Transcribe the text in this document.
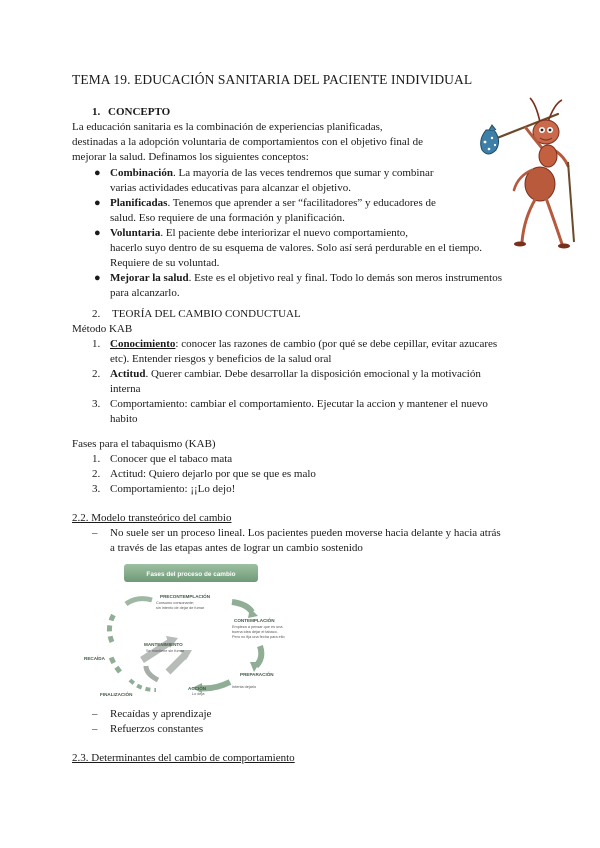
TEMA 19. EDUCACIÓN SANITARIA DEL PACIENTE INDIVIDUAL
1. CONCEPTO
La educación sanitaria es la combinación de experiencias planificadas,
destinadas a la adopción voluntaria de comportamientos con el objetivo final de
mejorar la salud. Definamos los siguientes conceptos:
● Combinación. La mayoría de las veces tendremos que sumar y combinar
varias actividades educativas para alcanzar el objetivo.
● Planificadas. Tenemos que aprender a ser “facilitadores” y educadores de
salud. Eso requiere de una formación y planificación.
● Voluntaria. El paciente debe interiorizar el nuevo comportamiento,
hacerlo suyo dentro de su esquema de valores. Solo así será perdurable en el tiempo.
Requiere de su voluntad.
● Mejorar la salud. Este es el objetivo real y final. Todo lo demás son meros instrumentos
para alcanzarlo.
2. TEORÍA DEL CAMBIO CONDUCTUAL
Método KAB
1. Conocimiento: conocer las razones de cambio (por qué se debe cepillar, evitar azucares
etc). Entender riesgos y beneficios de la salud oral
2. Actitud. Querer cambiar. Debe desarrollar la disposición emocional y la motivación
interna
3. Comportamiento: cambiar el comportamiento. Ejecutar la accion y mantener el nuevo
habito
Fases para el tabaquismo (KAB)
1. Conocer que el tabaco mata
2. Actitud: Quiero dejarlo por que se que es malo
3. Comportamiento: ¡¡Lo dejo!
2.2. Modelo transteórico del cambio
– No suele ser un proceso lineal. Los pacientes pueden moverse hacia delante y hacia atrás
a través de las etapas antes de lograr un cambio sostenido
Fases del proceso de cambio
PRECONTEMPLACIÓN
Consumo consonante;
sin intento de dejar de fumar
CONTEMPLACIÓN
Empieza a pensar que es una
buena idea dejar el tabaco.
Pero no fija una fecha para ello
PREPARACIÓN
Intenta dejarlo
ACCIÓN
Lo deja
MANTENIMIENTO
Se mantiene sin fumar
FINALIZACIÓN
RECAÍDA
– Recaídas y aprendizaje
– Refuerzos constantes
2.3. Determinantes del cambio de comportamiento
